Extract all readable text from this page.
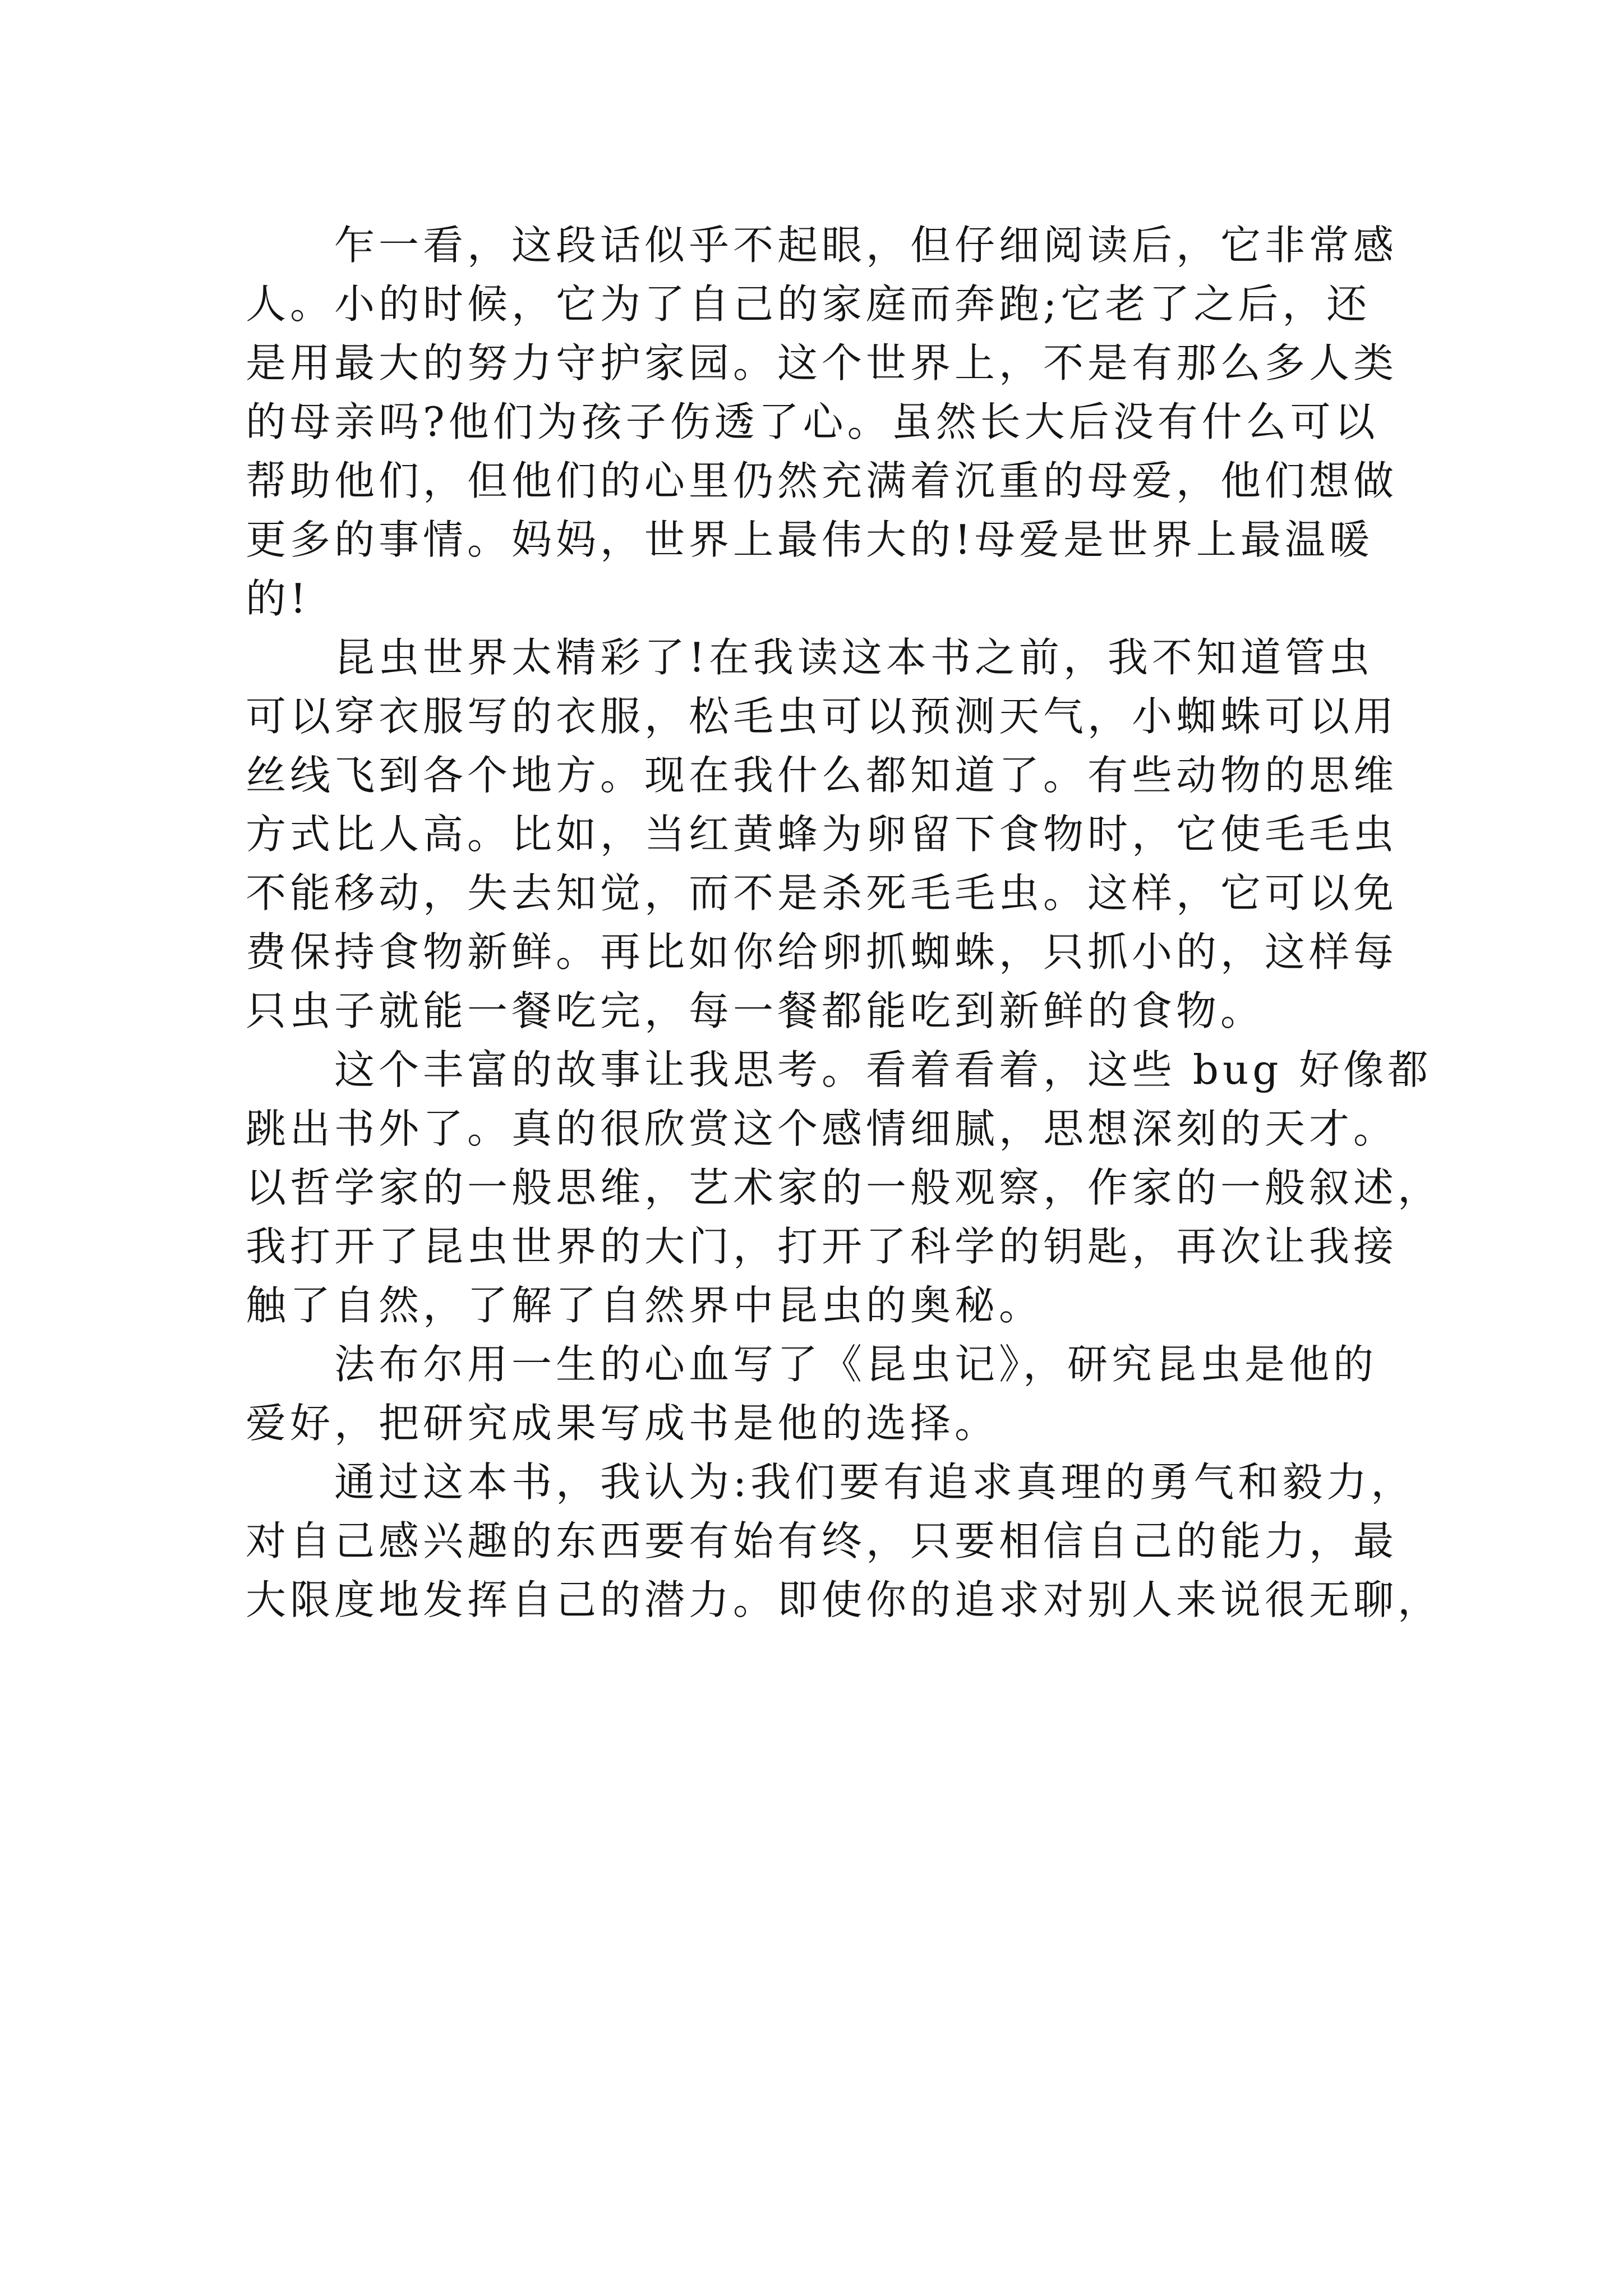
乍一看，这段话似乎不起眼，但仔细阅读后，它非常感

人。小的时候，它为了自己的家庭而奔跑;它老了之后，还

是用最大的努力守护家园。这个世界上，不是有那么多人类

的母亲吗?他们为孩子伤透了心。虽然长大后没有什么可以

帮助他们，但他们的心里仍然充满着沉重的母爱，他们想做

更多的事情。妈妈，世界上最伟大的!母爱是世界上最温暖

的!

昆虫世界太精彩了!在我读这本书之前，我不知道管虫

可以穿衣服写的衣服，松毛虫可以预测天气，小蜘蛛可以用

丝线飞到各个地方。现在我什么都知道了。有些动物的思维

方式比人高。比如，当红黄蜂为卵留下食物时，它使毛毛虫

不能移动，失去知觉，而不是杀死毛毛虫。这样，它可以免

费保持食物新鲜。再比如你给卵抓蜘蛛，只抓小的，这样每

只虫子就能一餐吃完，每一餐都能吃到新鲜的食物。

这个丰富的故事让我思考。看着看着，这些 bug 好像都

跳出书外了。真的很欣赏这个感情细腻，思想深刻的天才。

以哲学家的一般思维，艺术家的一般观察，作家的一般叙述，

我打开了昆虫世界的大门，打开了科学的钥匙，再次让我接

触了自然，了解了自然界中昆虫的奥秘。

法布尔用一生的心血写了《昆虫记》，研究昆虫是他的

爱好，把研究成果写成书是他的选择。

通过这本书，我认为:我们要有追求真理的勇气和毅力，

对自己感兴趣的东西要有始有终，只要相信自己的能力，最

大限度地发挥自己的潜力。即使你的追求对别人来说很无聊，
